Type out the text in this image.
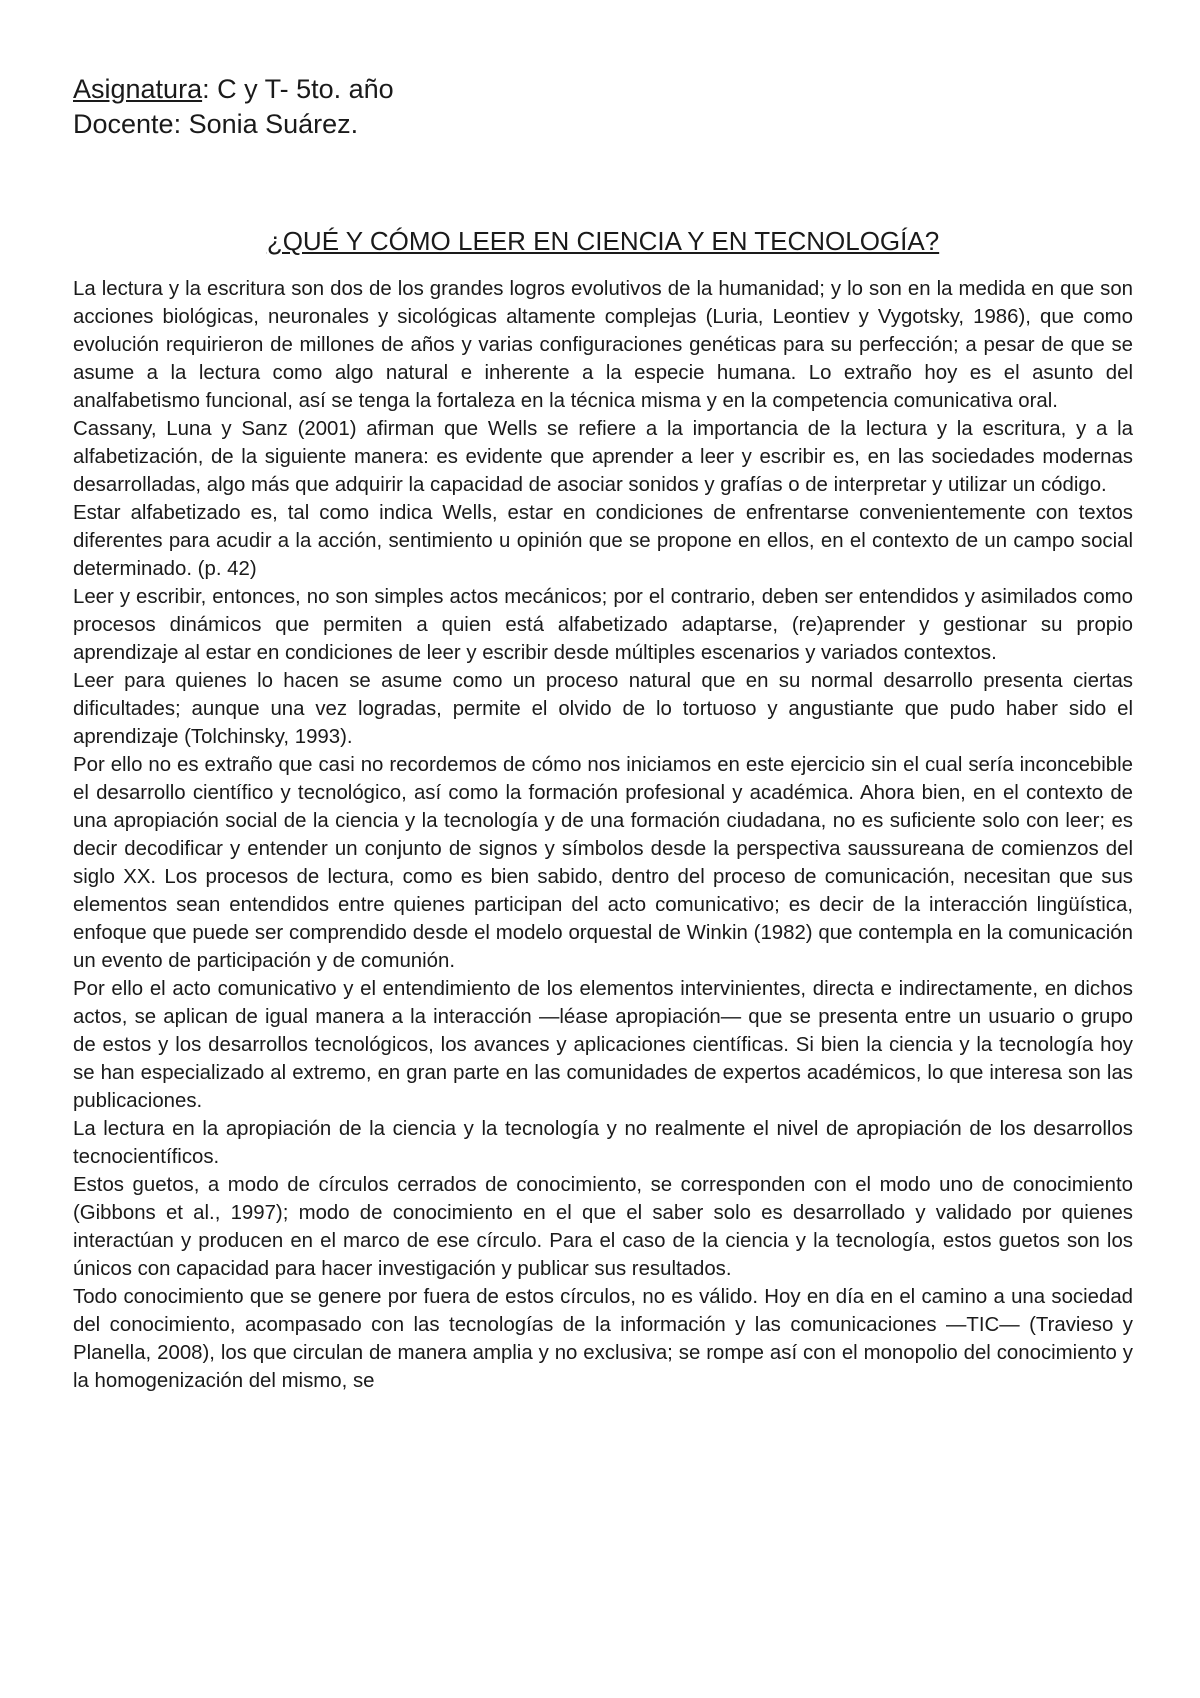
Asignatura: C y T- 5to. año

Docente: Sonia Suárez.

¿QUÉ Y CÓMO LEER EN CIENCIA Y EN TECNOLOGÍA?

La lectura y la escritura son dos de los grandes logros evolutivos de la humanidad; y lo son en la medida en que son acciones biológicas, neuronales y sicológicas altamente complejas (Luria, Leontiev y Vygotsky, 1986), que como evolución requirieron de millones de años y varias configuraciones genéticas para su perfección; a pesar de que se asume a la lectura como algo natural e inherente a la especie humana. Lo extraño hoy es el asunto del analfabetismo funcional, así se tenga la fortaleza en la técnica misma y en la competencia comunicativa oral.

Cassany, Luna y Sanz (2001) afirman que Wells se refiere a la importancia de la lectura y la escritura, y a la alfabetización, de la siguiente manera: es evidente que aprender a leer y escribir es, en las sociedades modernas desarrolladas, algo más que adquirir la capacidad de asociar sonidos y grafías o de interpretar y utilizar un código.

Estar alfabetizado es, tal como indica Wells, estar en condiciones de enfrentarse convenientemente con textos diferentes para acudir a la acción, sentimiento u opinión que se propone en ellos, en el contexto de un campo social determinado. (p. 42)

Leer y escribir, entonces, no son simples actos mecánicos; por el contrario, deben ser entendidos y asimilados como procesos dinámicos que permiten a quien está alfabetizado adaptarse, (re)aprender y gestionar su propio aprendizaje al estar en condiciones de leer y escribir desde múltiples escenarios y variados contextos.

Leer para quienes lo hacen se asume como un proceso natural que en su normal desarrollo presenta ciertas dificultades; aunque una vez logradas, permite el olvido de lo tortuoso y angustiante que pudo haber sido el aprendizaje (Tolchinsky, 1993).

Por ello no es extraño que casi no recordemos de cómo nos iniciamos en este ejercicio sin el cual sería inconcebible el desarrollo científico y tecnológico, así como la formación profesional y académica. Ahora bien, en el contexto de una apropiación social de la ciencia y la tecnología y de una formación ciudadana, no es suficiente solo con leer; es decir decodificar y entender un conjunto de signos y símbolos desde la perspectiva saussureana de comienzos del siglo XX. Los procesos de lectura, como es bien sabido, dentro del proceso de comunicación, necesitan que sus elementos sean entendidos entre quienes participan del acto comunicativo; es decir de la interacción lingüística, enfoque que puede ser comprendido desde el modelo orquestal de Winkin (1982) que contempla en la comunicación un evento de participación y de comunión.

Por ello el acto comunicativo y el entendimiento de los elementos intervinientes, directa e indirectamente, en dichos actos, se aplican de igual manera a la interacción —léase apropiación— que se presenta entre un usuario o grupo de estos y los desarrollos tecnológicos, los avances y aplicaciones científicas. Si bien la ciencia y la tecnología hoy se han especializado al extremo, en gran parte en las comunidades de expertos académicos, lo que interesa son las publicaciones.

La lectura en la apropiación de la ciencia y la tecnología y no realmente el nivel de apropiación de los desarrollos tecnocientíficos.

Estos guetos, a modo de círculos cerrados de conocimiento, se corresponden con el modo uno de conocimiento (Gibbons et al., 1997); modo de conocimiento en el que el saber solo es desarrollado y validado por quienes interactúan y producen en el marco de ese círculo. Para el caso de la ciencia y la tecnología, estos guetos son los únicos con capacidad para hacer investigación y publicar sus resultados.

Todo conocimiento que se genere por fuera de estos círculos, no es válido. Hoy en día en el camino a una sociedad del conocimiento, acompasado con las tecnologías de la información y las comunicaciones —TIC— (Travieso y Planella, 2008), los que circulan de manera amplia y no exclusiva; se rompe así con el monopolio del conocimiento y la homogenización del mismo, se
